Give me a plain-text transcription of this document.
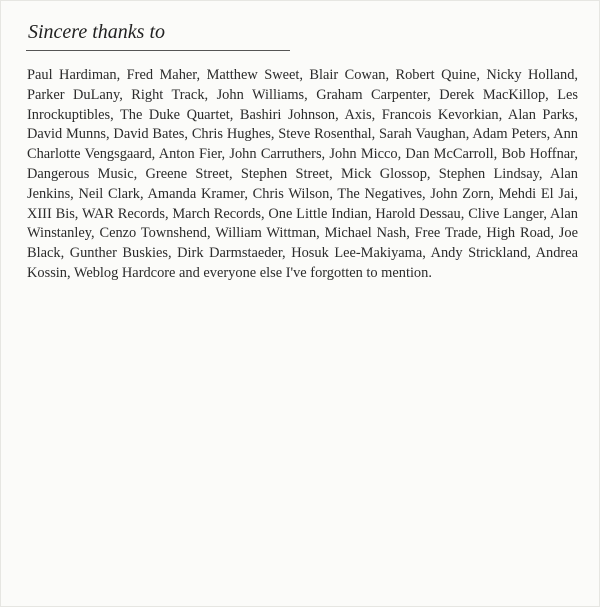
Sincere thanks to

Paul Hardiman, Fred Maher, Matthew Sweet, Blair Cowan, Robert Quine, Nicky Holland, Parker DuLany, Right Track, John Williams, Graham Carpenter, Derek MacKillop, Les Inrockuptibles, The Duke Quartet, Bashiri Johnson, Axis, Francois Kevorkian, Alan Parks, David Munns, David Bates, Chris Hughes, Steve Rosenthal, Sarah Vaughan, Adam Peters, Ann Charlotte Vengsgaard, Anton Fier, John Carruthers, John Micco, Dan McCarroll, Bob Hoffnar, Dangerous Music, Greene Street, Stephen Street, Mick Glossop, Stephen Lindsay, Alan Jenkins, Neil Clark, Amanda Kramer, Chris Wilson, The Negatives, John Zorn, Mehdi El Jai, XIII Bis, WAR Records, March Records, One Little Indian, Harold Dessau, Clive Langer, Alan Winstanley, Cenzo Townshend, William Wittman, Michael Nash, Free Trade, High Road, Joe Black, Gunther Buskies, Dirk Darmstaeder, Hosuk Lee-Makiyama, Andy Strickland, Andrea Kossin, Weblog Hardcore and everyone else I've forgotten to mention.
